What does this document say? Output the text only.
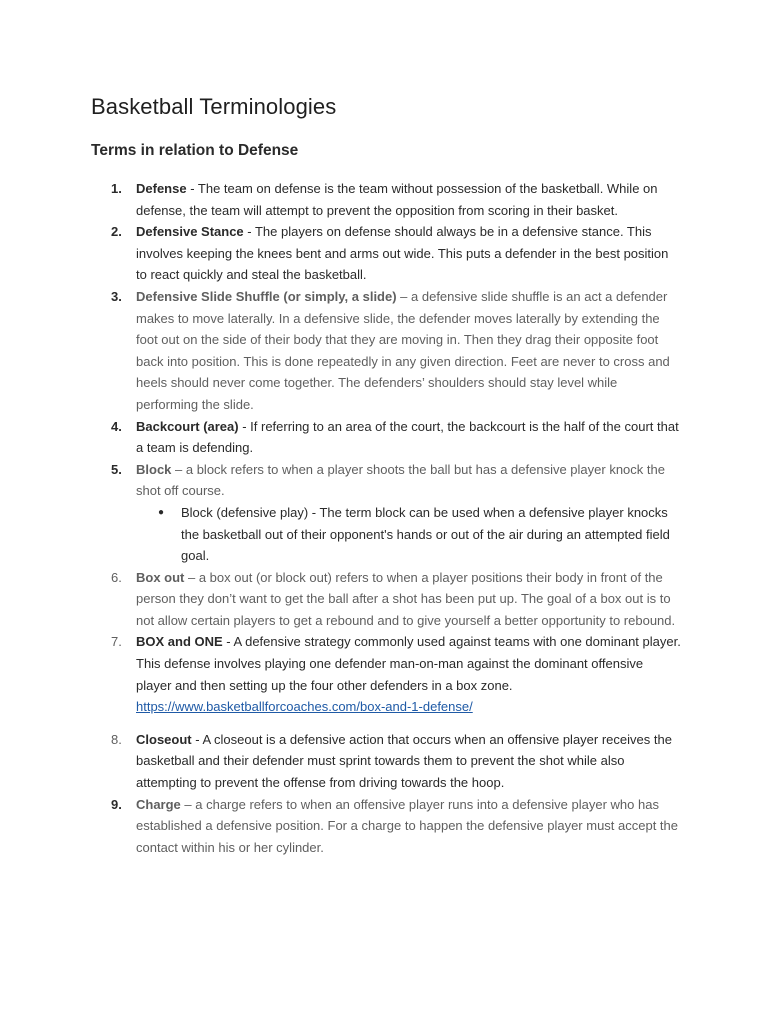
Basketball Terminologies
Terms in relation to Defense
1.	Defense - The team on defense is the team without possession of the basketball. While on defense, the team will attempt to prevent the opposition from scoring in their basket.
2.	Defensive Stance - The players on defense should always be in a defensive stance. This involves keeping the knees bent and arms out wide. This puts a defender in the best position to react quickly and steal the basketball.
3.	Defensive Slide Shuffle (or simply, a slide) – a defensive slide shuffle is an act a defender makes to move laterally. In a defensive slide, the defender moves laterally by extending the foot out on the side of their body that they are moving in. Then they drag their opposite foot back into position. This is done repeatedly in any given direction. Feet are never to cross and heels should never come together. The defenders’ shoulders should stay level while performing the slide.
4.	Backcourt (area) - If referring to an area of the court, the backcourt is the half of the court that a team is defending.
5.	Block – a block refers to when a player shoots the ball but has a defensive player knock the shot off course.
● Block (defensive play) - The term block can be used when a defensive player knocks the basketball out of their opponent's hands or out of the air during an attempted field goal.
6.	Box out – a box out (or block out) refers to when a player positions their body in front of the person they don’t want to get the ball after a shot has been put up. The goal of a box out is to not allow certain players to get a rebound and to give yourself a better opportunity to rebound.
7.	BOX and ONE - A defensive strategy commonly used against teams with one dominant player. This defense involves playing one defender man-on-man against the dominant offensive player and then setting up the four other defenders in a box zone.
https://www.basketballforcoaches.com/box-and-1-defense/
8.	Closeout - A closeout is a defensive action that occurs when an offensive player receives the basketball and their defender must sprint towards them to prevent the shot while also attempting to prevent the offense from driving towards the hoop.
9.	Charge – a charge refers to when an offensive player runs into a defensive player who has established a defensive position. For a charge to happen the defensive player must accept the contact within his or her cylinder.
